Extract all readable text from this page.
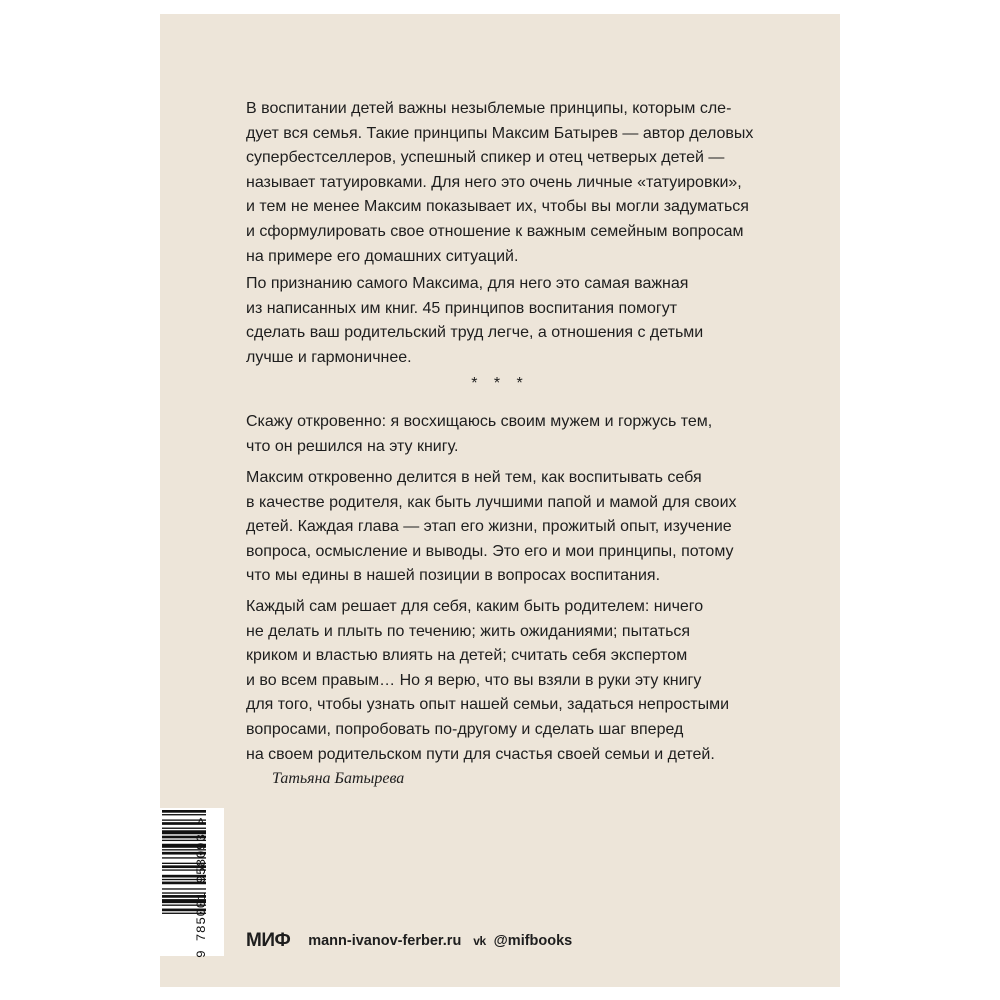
В воспитании детей важны незыблемые принципы, которым сле-
дует вся семья. Такие принципы Максим Батырев — автор деловых
супербестселлеров, успешный спикер и отец четверых детей —
называет татуировками. Для него это очень личные «татуировки»,
и тем не менее Максим показывает их, чтобы вы могли задуматься
и сформулировать свое отношение к важным семейным вопросам
на примере его домашних ситуаций.
По признанию самого Максима, для него это самая важная
из написанных им книг. 45 принципов воспитания помогут
сделать ваш родительский труд легче, а отношения с детьми
лучше и гармоничнее.
* * *
Скажу откровенно: я восхищаюсь своим мужем и горжусь тем,
что он решился на эту книгу.
Максим откровенно делится в ней тем, как воспитывать себя
в качестве родителя, как быть лучшими папой и мамой для своих
детей. Каждая глава — этап его жизни, прожитый опыт, изучение
вопроса, осмысление и выводы. Это его и мои принципы, потому
что мы едины в нашей позиции в вопросах воспитания.
Каждый сам решает для себя, каким быть родителем: ничего
не делать и плыть по течению; жить ожиданиями; пытаться
криком и властью влиять на детей; считать себя экспертом
и во всем правым… Но я верю, что вы взяли в руки эту книгу
для того, чтобы узнать опыт нашей семьи, задаться непростыми
вопросами, попробовать по-другому и сделать шаг вперед
на своем родительском пути для счастья своей семьи и детей.
Татьяна Батырева
9 785001 958093 > МИФ mann-ivanov-ferber.ru vk @mifbooks
